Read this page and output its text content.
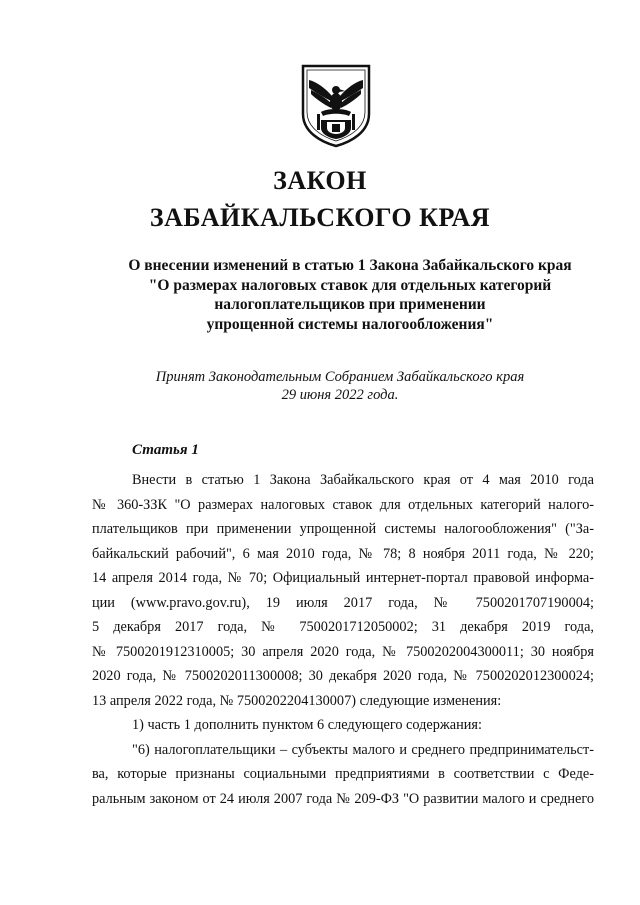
ЗАКОН
ЗАБАЙКАЛЬСКОГО КРАЯ
О внесении изменений в статью 1 Закона Забайкальского края
"О размерах налоговых ставок для отдельных категорий
налогоплательщиков при применении
упрощенной системы налогообложения"
Принят Законодательным Собранием Забайкальского края
29 июня 2022 года.
Статья 1
Внести в статью 1 Закона Забайкальского края от 4 мая 2010 года
№ 360-ЗЗК "О размерах налоговых ставок для отдельных категорий налого-
плательщиков при применении упрощенной системы налогообложения" ("За-
байкальский рабочий", 6 мая 2010 года, № 78; 8 ноября 2011 года, № 220;
14 апреля 2014 года, № 70; Официальный интернет-портал правовой информа-
ции (www.pravo.gov.ru), 19 июля 2017 года, № 7500201707190004;
5 декабря 2017 года, № 7500201712050002; 31 декабря 2019 года,
№ 7500201912310005; 30 апреля 2020 года, № 7500202004300011; 30 ноября
2020 года, № 7500202011300008; 30 декабря 2020 года, № 7500202012300024;
13 апреля 2022 года, № 7500202204130007) следующие изменения:
1) часть 1 дополнить пунктом 6 следующего содержания:
"6) налогоплательщики – субъекты малого и среднего предпринимательст-
ва, которые признаны социальными предприятиями в соответствии с Феде-
ральным законом от 24 июля 2007 года № 209-ФЗ "О развитии малого и среднего
